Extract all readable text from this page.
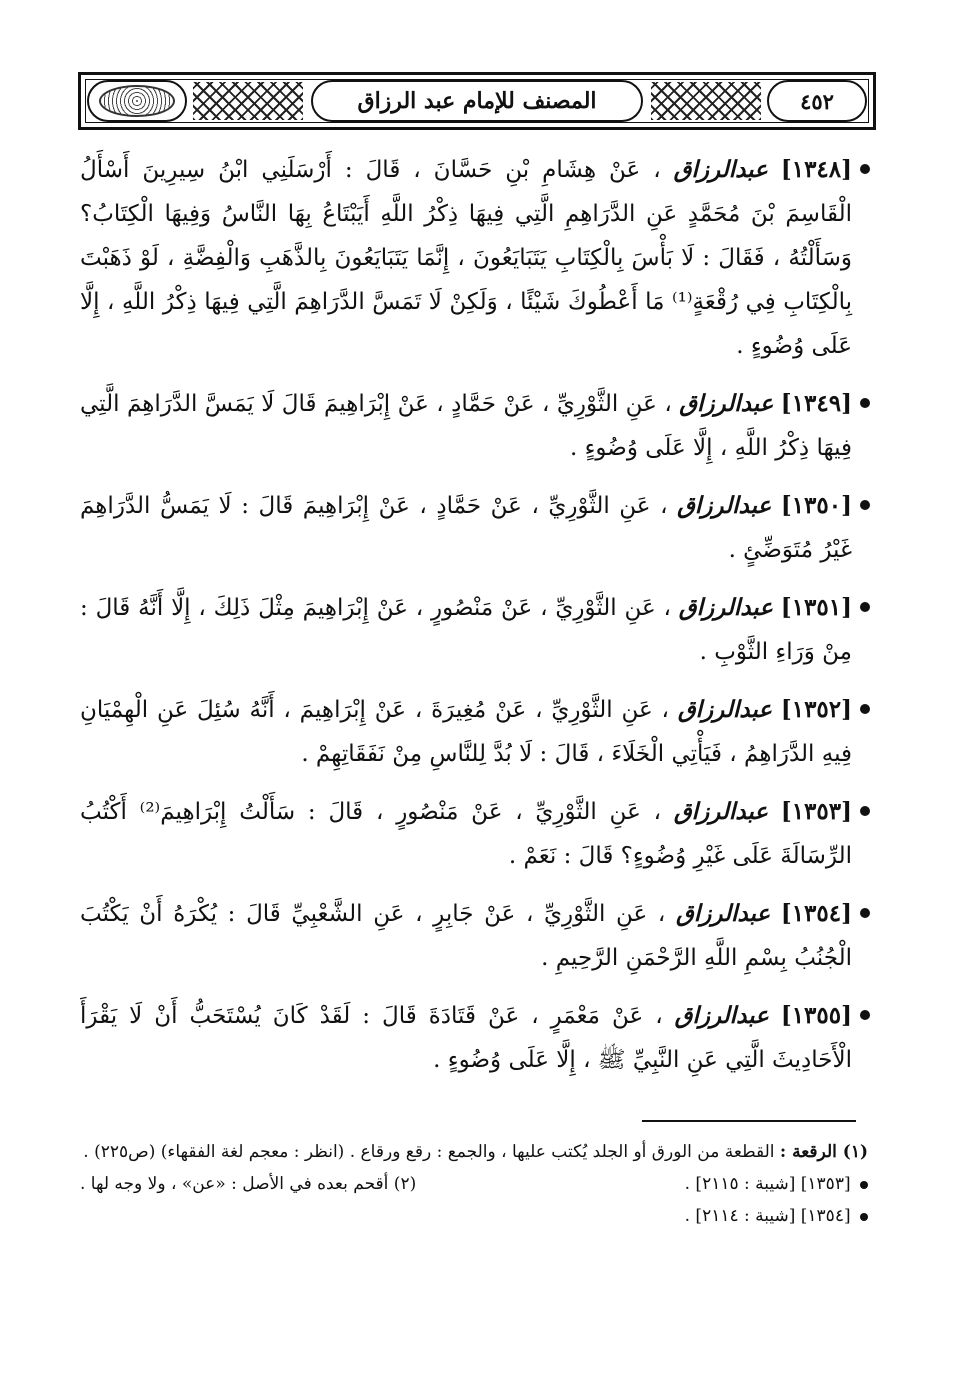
٤٥٢
المصنف للإمام عبد الرزاق

[١٣٤٨] عبدالرزاق ، عَنْ هِشَامِ بْنِ حَسَّانَ ، قَالَ : أَرْسَلَنِي ابْنُ سِيرِينَ أَسْأَلُ الْقَاسِمَ بْنَ مُحَمَّدٍ عَنِ الدَّرَاهِمِ الَّتِي فِيهَا ذِكْرُ اللَّهِ أَيَبْتَاعُ بِهَا النَّاسُ وَفِيهَا الْكِتَابُ؟ وَسَأَلْتُهُ ، فَقَالَ : لَا بَأْسَ بِالْكِتَابِ يَتَبَايَعُونَ ، إِنَّمَا يَتَبَايَعُونَ بِالذَّهَبِ وَالْفِضَّةِ ، لَوْ ذَهَبْتَ بِالْكِتَابِ فِي رُقْعَةٍ⁽¹⁾ مَا أَعْطُوكَ شَيْئًا ، وَلَكِنْ لَا تَمَسَّ الدَّرَاهِمَ الَّتِي فِيهَا ذِكْرُ اللَّهِ ، إِلَّا عَلَى وُضُوءٍ .

[١٣٤٩] عبدالرزاق ، عَنِ الثَّوْرِيِّ ، عَنْ حَمَّادٍ ، عَنْ إِبْرَاهِيمَ قَالَ لَا يَمَسَّ الدَّرَاهِمَ الَّتِي فِيهَا ذِكْرُ اللَّهِ ، إِلَّا عَلَى وُضُوءٍ .

[١٣٥٠] عبدالرزاق ، عَنِ الثَّوْرِيِّ ، عَنْ حَمَّادٍ ، عَنْ إِبْرَاهِيمَ قَالَ : لَا يَمَسُّ الدَّرَاهِمَ غَيْرُ مُتَوَضِّئٍ .

[١٣٥١] عبدالرزاق ، عَنِ الثَّوْرِيِّ ، عَنْ مَنْصُورٍ ، عَنْ إِبْرَاهِيمَ مِثْلَ ذَلِكَ ، إِلَّا أَنَّهُ قَالَ : مِنْ وَرَاءِ الثَّوْبِ .

[١٣٥٢] عبدالرزاق ، عَنِ الثَّوْرِيِّ ، عَنْ مُغِيرَةَ ، عَنْ إِبْرَاهِيمَ ، أَنَّهُ سُئِلَ عَنِ الْهِمْيَانِ فِيهِ الدَّرَاهِمُ ، فَيَأْتِي الْخَلَاءَ ، قَالَ : لَا بُدَّ لِلنَّاسِ مِنْ نَفَقَاتِهِمْ .

[١٣٥٣] عبدالرزاق ، عَنِ الثَّوْرِيِّ ، عَنْ مَنْصُورٍ ، قَالَ : سَأَلْتُ إِبْرَاهِيمَ⁽²⁾ أَكْتُبُ الرِّسَالَةَ عَلَى غَيْرِ وُضُوءٍ؟ قَالَ : نَعَمْ .

[١٣٥٤] عبدالرزاق ، عَنِ الثَّوْرِيِّ ، عَنْ جَابِرٍ ، عَنِ الشَّعْبِيِّ قَالَ : يُكْرَهُ أَنْ يَكْتُبَ الْجُنُبُ بِسْمِ اللَّهِ الرَّحْمَنِ الرَّحِيمِ .

[١٣٥٥] عبدالرزاق ، عَنْ مَعْمَرٍ ، عَنْ قَتَادَةَ قَالَ : لَقَدْ كَانَ يُسْتَحَبُّ أَنْ لَا يَقْرَأَ الْأَحَادِيثَ الَّتِي عَنِ النَّبِيِّ ﷺ ، إِلَّا عَلَى وُضُوءٍ .

(١) الرقعة : القطعة من الورق أو الجلد يُكتب عليها ، والجمع : رقع ورقاع . (انظر : معجم لغة الفقهاء) (ص٢٢٥) .

[١٣٥٣] [شيبة : ٢١١٥] .
(٢) أقحم بعده في الأصل : «عن» ، ولا وجه لها .

[١٣٥٤] [شيبة : ٢١١٤] .
